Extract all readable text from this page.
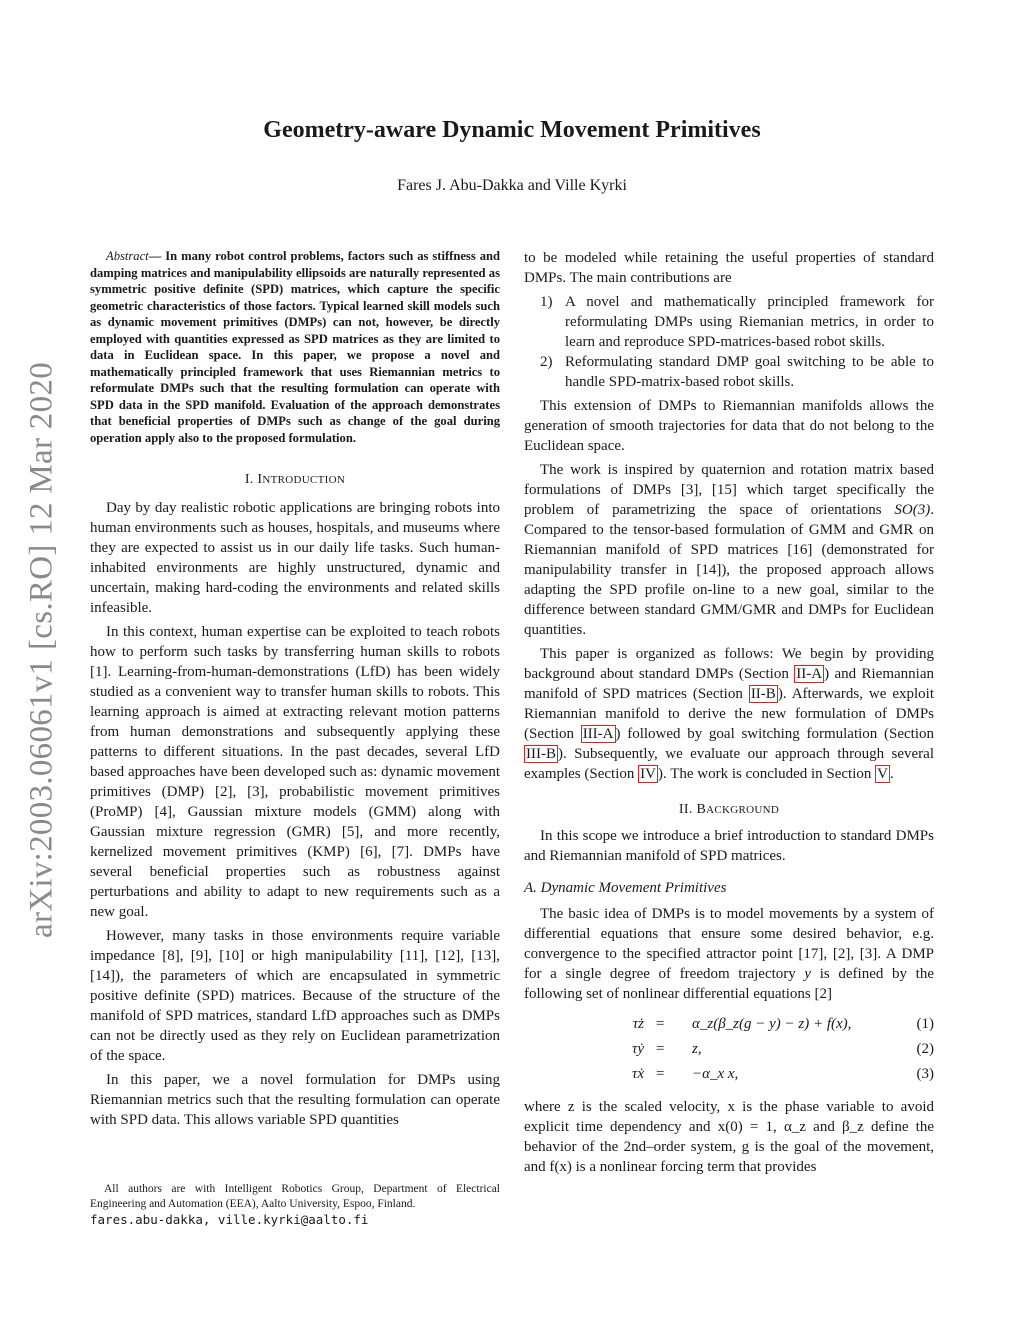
arXiv:2003.06061v1 [cs.RO] 12 Mar 2020
Geometry-aware Dynamic Movement Primitives
Fares J. Abu-Dakka and Ville Kyrki

Abstract— In many robot control problems, factors such as stiffness and damping matrices and manipulability ellipsoids are naturally represented as symmetric positive definite (SPD) matrices, which capture the specific geometric characteristics of those factors. Typical learned skill models such as dynamic movement primitives (DMPs) can not, however, be directly employed with quantities expressed as SPD matrices as they are limited to data in Euclidean space. In this paper, we propose a novel and mathematically principled framework that uses Riemannian metrics to reformulate DMPs such that the resulting formulation can operate with SPD data in the SPD manifold. Evaluation of the approach demonstrates that beneficial properties of DMPs such as change of the goal during operation apply also to the proposed formulation.

I. INTRODUCTION

Day by day realistic robotic applications are bringing robots into human environments such as houses, hospitals, and museums where they are expected to assist us in our daily life tasks. Such human-inhabited environments are highly unstructured, dynamic and uncertain, making hard-coding the environments and related skills infeasible.

In this context, human expertise can be exploited to teach robots how to perform such tasks by transferring human skills to robots [1]. Learning-from-human-demonstrations (LfD) has been widely studied as a convenient way to transfer human skills to robots. This learning approach is aimed at extracting relevant motion patterns from human demonstrations and subsequently applying these patterns to different situations. In the past decades, several LfD based approaches have been developed such as: dynamic movement primitives (DMP) [2], [3], probabilistic movement primitives (ProMP) [4], Gaussian mixture models (GMM) along with Gaussian mixture regression (GMR) [5], and more recently, kernelized movement primitives (KMP) [6], [7]. DMPs have several beneficial properties such as robustness against perturbations and ability to adapt to new requirements such as a new goal.

However, many tasks in those environments require variable impedance [8], [9], [10] or high manipulability [11], [12], [13], [14]), the parameters of which are encapsulated in symmetric positive definite (SPD) matrices. Because of the structure of the manifold of SPD matrices, standard LfD approaches such as DMPs can not be directly used as they rely on Euclidean parametrization of the space.

In this paper, we a novel formulation for DMPs using Riemannian metrics such that the resulting formulation can operate with SPD data. This allows variable SPD quantities

All authors are with Intelligent Robotics Group, Department of Electrical Engineering and Automation (EEA), Aalto University, Espoo, Finland.

fares.abu-dakka, ville.kyrki@aalto.fi

to be modeled while retaining the useful properties of standard DMPs. The main contributions are

1) A novel and mathematically principled framework for reformulating DMPs using Riemanian metrics, in order to learn and reproduce SPD-matrices-based robot skills.
2) Reformulating standard DMP goal switching to be able to handle SPD-matrix-based robot skills.

This extension of DMPs to Riemannian manifolds allows the generation of smooth trajectories for data that do not belong to the Euclidean space.

The work is inspired by quaternion and rotation matrix based formulations of DMPs [3], [15] which target specifically the problem of parametrizing the space of orientations SO(3). Compared to the tensor-based formulation of GMM and GMR on Riemannian manifold of SPD matrices [16] (demonstrated for manipulability transfer in [14]), the proposed approach allows adapting the SPD profile on-line to a new goal, similar to the difference between standard GMM/GMR and DMPs for Euclidean quantities.

This paper is organized as follows: We begin by providing background about standard DMPs (Section II-A ) and Riemannian manifold of SPD matrices (Section II-B ). Afterwards, we exploit Riemannian manifold to derive the new formulation of DMPs (Section III-A ) followed by goal switching formulation (Section III-B ). Subsequently, we evaluate our approach through several examples (Section IV ). The work is concluded in Section V .

II. BACKGROUND

In this scope we introduce a brief introduction to standard DMPs and Riemannian manifold of SPD matrices.

A. Dynamic Movement Primitives

The basic idea of DMPs is to model movements by a system of differential equations that ensure some desired behavior, e.g. convergence to the specified attractor point [17], [2], [3]. A DMP for a single degree of freedom trajectory y is defined by the following set of nonlinear differential equations [2]

τż = α_z(β_z(g − y) − z) + f(x),	(1)
τẏ = z,	(2)
τẋ = −α_x x,	(3)

where z is the scaled velocity, x is the phase variable to avoid explicit time dependency and x(0) = 1, α_z and β_z define the behavior of the 2nd–order system, g is the goal of the movement, and f(x) is a nonlinear forcing term that provides
